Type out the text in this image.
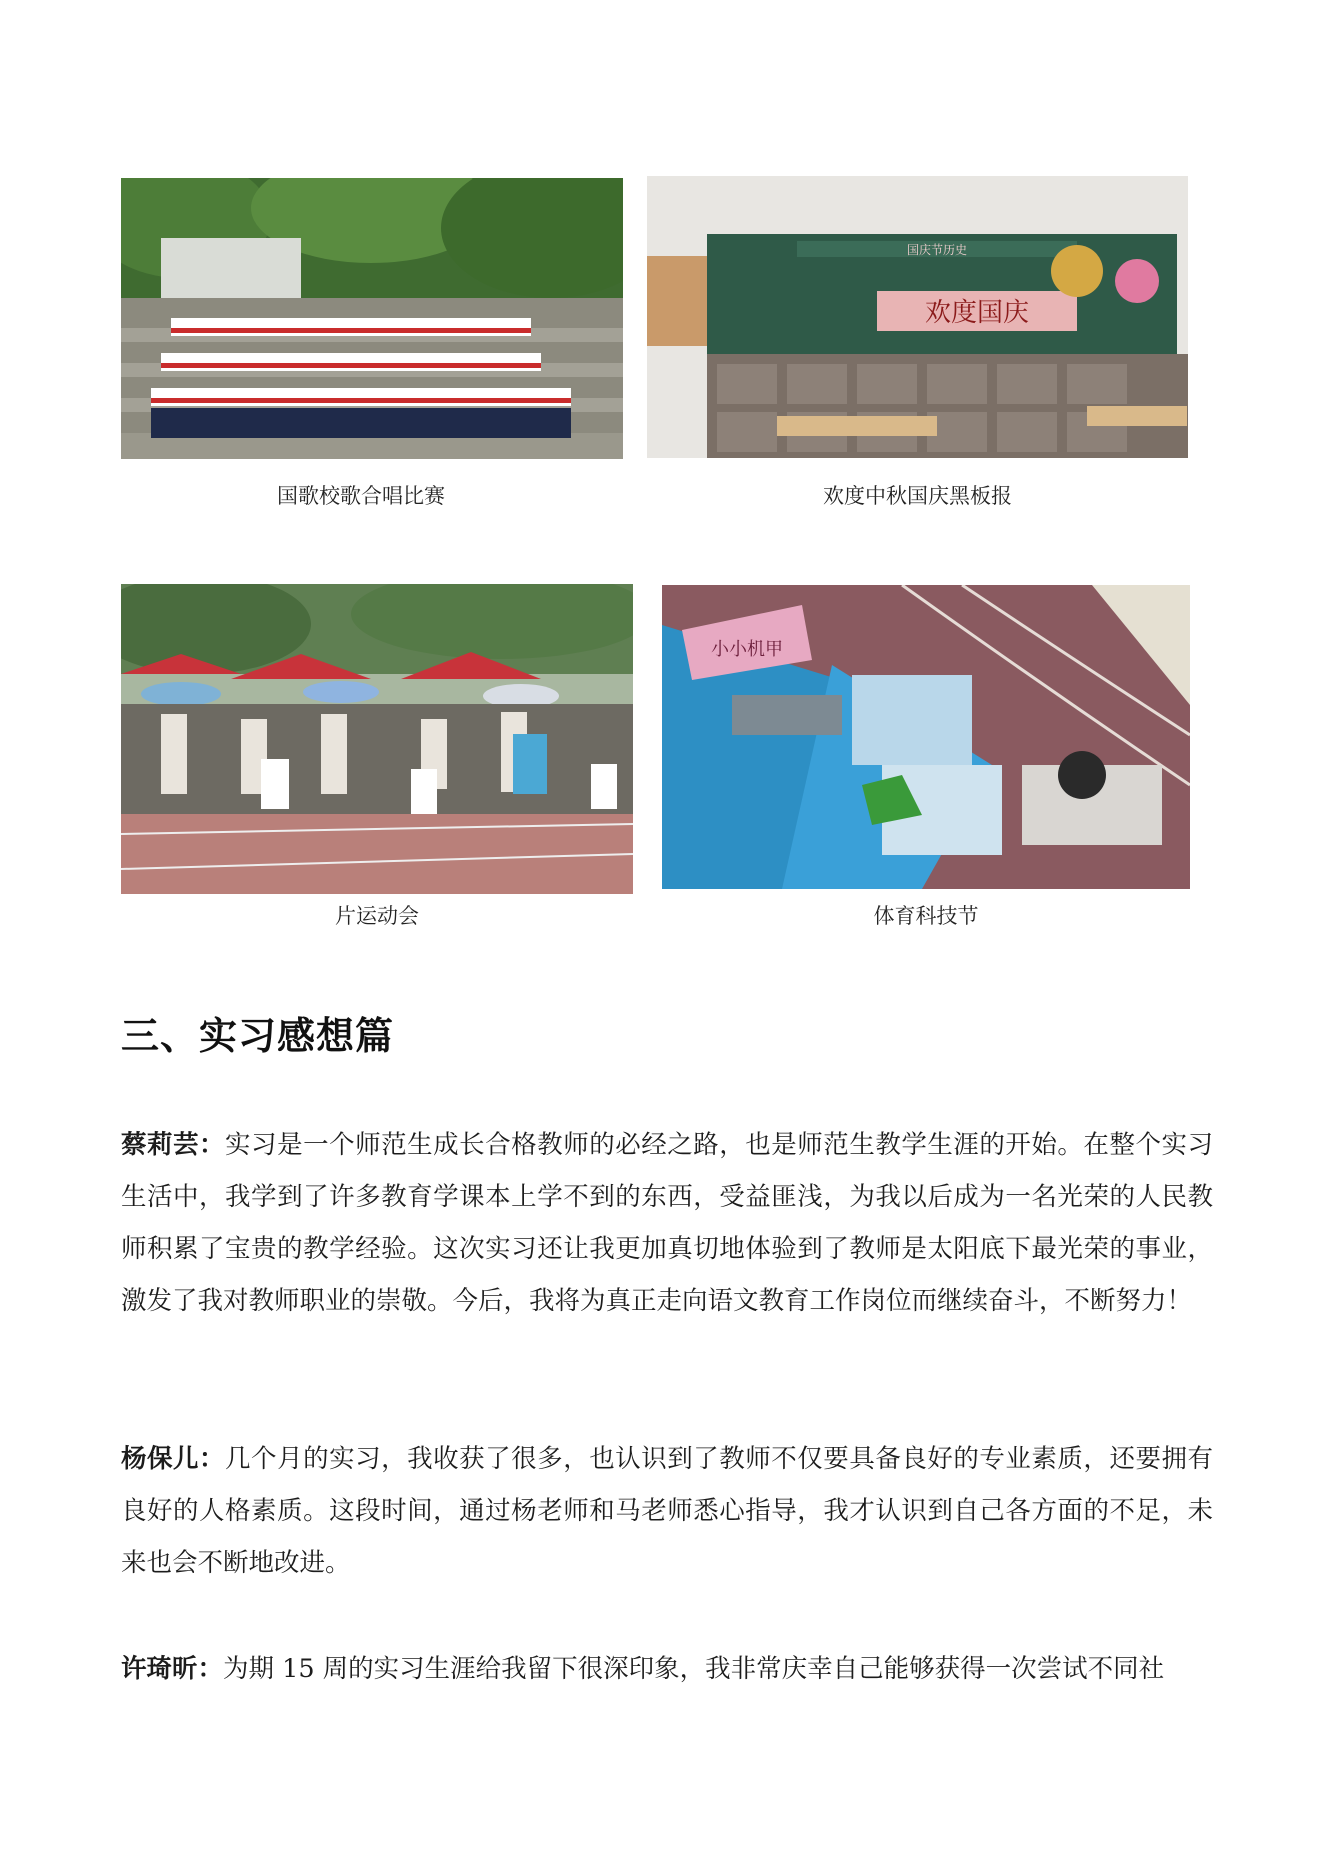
国歌校歌合唱比赛
国庆节历史
欢度国庆
欢度中秋国庆黑板报
片运动会
小小机甲
体育科技节
三、实习感想篇
蔡莉芸：实习是一个师范生成长合格教师的必经之路，也是师范生教学生涯的开始。在整个实习生活中，我学到了许多教育学课本上学不到的东西，受益匪浅，为我以后成为一名光荣的人民教师积累了宝贵的教学经验。这次实习还让我更加真切地体验到了教师是太阳底下最光荣的事业，激发了我对教师职业的崇敬。今后，我将为真正走向语文教育工作岗位而继续奋斗，不断努力！
杨保儿：几个月的实习，我收获了很多，也认识到了教师不仅要具备良好的专业素质，还要拥有良好的人格素质。这段时间，通过杨老师和马老师悉心指导，我才认识到自己各方面的不足，未来也会不断地改进。
许琦昕：为期 15 周的实习生涯给我留下很深印象，我非常庆幸自己能够获得一次尝试不同社
